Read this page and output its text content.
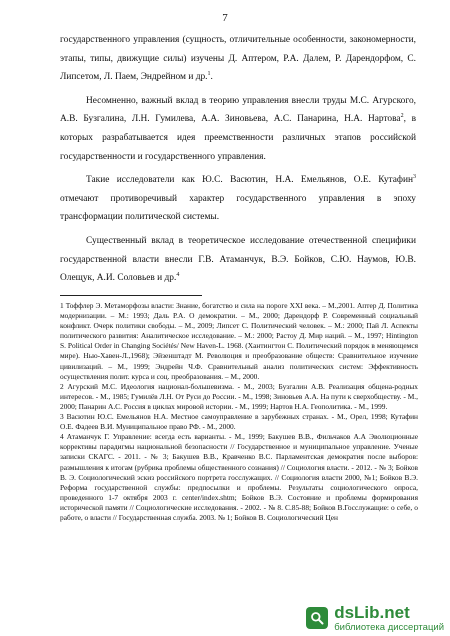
7

государственного управления (сущность, отличительные особенности, закономерности, этапы, типы, движущие силы) изучены Д. Аптером, Р.А. Далем, Р. Дарендорфом, С. Липсетом, Л. Паем, Эндрейном и др.$^1$.

Несомненно, важный вклад в теорию управления внесли труды М.С. Агурского, А.В. Бузгалина, Л.Н. Гумилева, А.А. Зиновьева, А.С. Панарина, Н.А. Нартова$^2$, в которых разрабатывается идея преемственности различных этапов российской государственности и государственного управления.

Такие исследователи как Ю.С. Васютин, Н.А. Емельянов, О.Е. Кутафин$^3$ отмечают противоречивый характер государственного управления в эпоху трансформации политической системы.

Существенный вклад в теоретическое исследование отечественной специфики государственной власти внесли Г.В. Атаманчук, В.Э. Бойков, С.Ю. Наумов, Ю.В. Олещук, А.И. Соловьев и др.$^4$

1 Тоффлер Э. Метаморфозы власти: Знание, богатство и сила на пороге XXI века. – М.,2001. Аптер Д. Политика модернизации. – М.: 1993; Даль Р.А. О демократии. – М., 2000; Дарендорф Р. Современный социальный конфликт. Очерк политики свободы. – М., 2009; Липсет С. Политический человек. – М.: 2000; Пай Л. Аспекты политического развития: Аналитическое исследование. – М.: 2000; Растоу Д. Мир наций. – М., 1997; Hintington S. Political Order in Changing Sociétés/ New Haven-L. 1968. (Хантингтон С. Политический порядок в меняющемся мире). Нью-Хавен-Л.,1968); Эйзенштадт М. Революция и преобразование обществ: Сравнительное изучение цивилизаций. – М., 1999; Эндрейн Ч.Ф. Сравнительный анализ политических систем: Эффективность осуществления полит. курса и соц. преобразования. – М., 2000.

2 Агурский М.С. Идеология национал-большевизма. - М., 2003; Бузгалин А.В. Реализация общена-родных интересов. - М., 1985; Гумилёв Л.Н. От Руси до России. - М., 1998; Зиновьев А.А. На пути к сверхобществу. - М., 2000; Панарин А.С. Россия в циклах мировой истории. - М., 1999; Нартов Н.А. Геополитика. - М., 1999.

3 Васютин Ю.С. Емельянов Н.А. Местное самоуправление в зарубежных странах. - М., Орел, 1998; Кутафин О.Е. Фадеев В.И. Муниципальное право РФ. - М., 2000.

4 Атаманчук Г. Управление: всегда есть варианты. - М., 1999; Бакушев В.В., Фильчаков А.А Эволюционные коррективы парадигмы национальной безопасности // Государственное и муниципальное управление. Ученые записки СКАГС. - 2011. - № 3; Бакушев В.В., Кравченко В.С. Парламентская демократия после выборов: размышления к итогам (рубрика проблемы общественного сознания) // Социология власти. - 2012. - № 3; Бойков В. Э. Социологический эскиз российского портрета госслужащих. // Социология власти 2000, №1; Бойков В.Э. Реформа государственной службы: предпосылки и проблемы. Результаты социологического опроса, проведенного 1-7 октября 2003 г. center/index.shtm; Бойков В.Э. Состояние и проблемы формирования исторической памяти // Социологические исследования. - 2002. - № 8. С.85-88; Бойков В.Госслужащие: о себе, о работе, о власти // Государственная служба. 2003. № 1; Бойков В. Социологический Цен

dsLib.net
библиотека диссертаций
